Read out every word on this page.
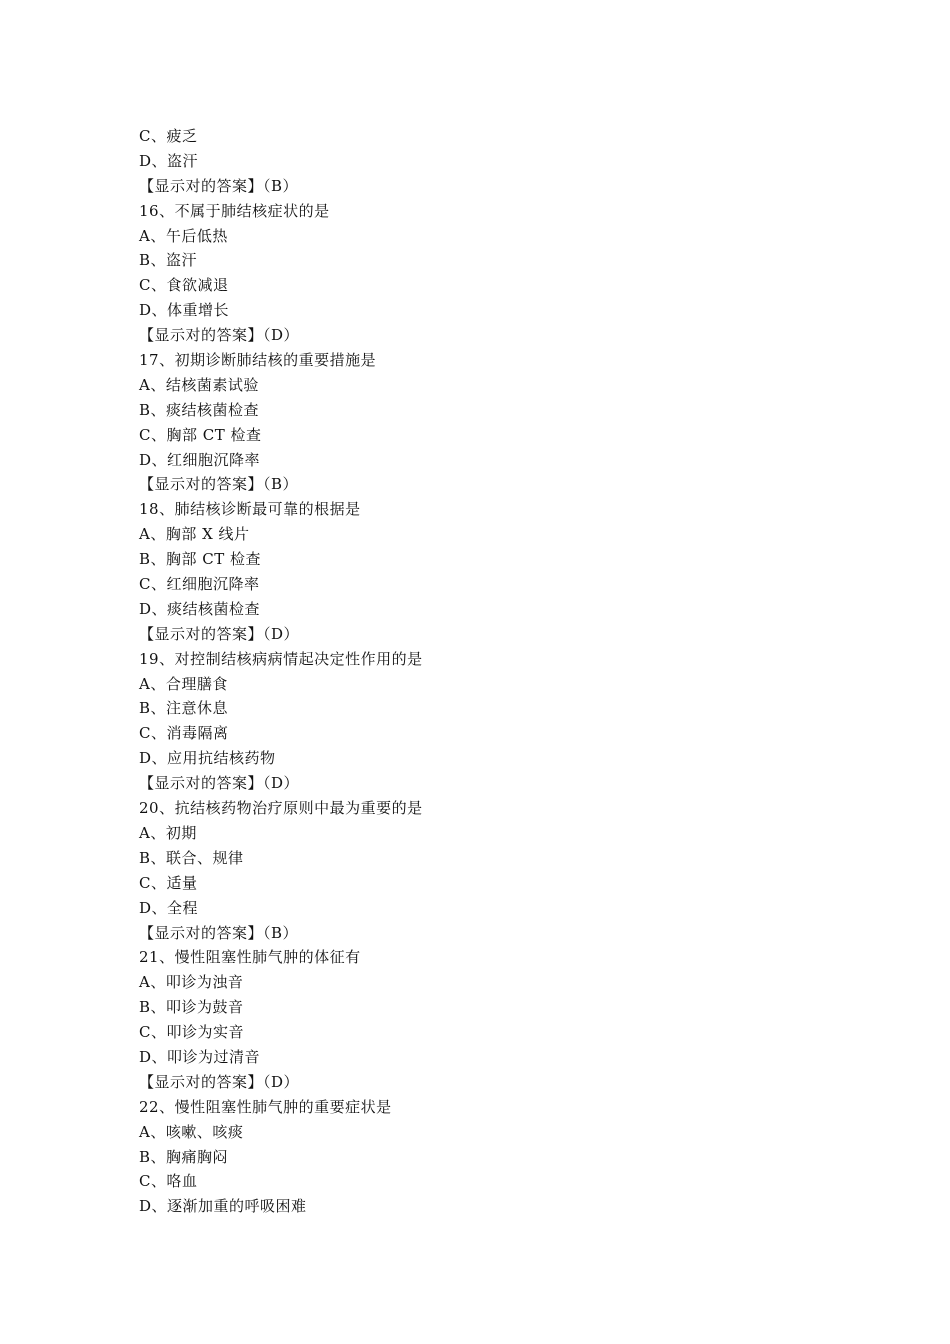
C、疲乏
D、盗汗
【显示对的答案】（B）
16、不属于肺结核症状的是
A、午后低热
B、盗汗
C、食欲减退
D、体重增长
【显示对的答案】（D）
17、初期诊断肺结核的重要措施是
A、结核菌素试验
B、痰结核菌检查
C、胸部 CT 检查
D、红细胞沉降率
【显示对的答案】（B）
18、肺结核诊断最可靠的根据是
A、胸部 X 线片
B、胸部 CT 检查
C、红细胞沉降率
D、痰结核菌检查
【显示对的答案】（D）
19、对控制结核病病情起决定性作用的是
A、合理膳食
B、注意休息
C、消毒隔离
D、应用抗结核药物
【显示对的答案】（D）
20、抗结核药物治疗原则中最为重要的是
A、初期
B、联合、规律
C、适量
D、全程
【显示对的答案】（B）
21、慢性阻塞性肺气肿的体征有
A、叩诊为浊音
B、叩诊为鼓音
C、叩诊为实音
D、叩诊为过清音
【显示对的答案】（D）
22、慢性阻塞性肺气肿的重要症状是
A、咳嗽、咳痰
B、胸痛胸闷
C、咯血
D、逐渐加重的呼吸困难
